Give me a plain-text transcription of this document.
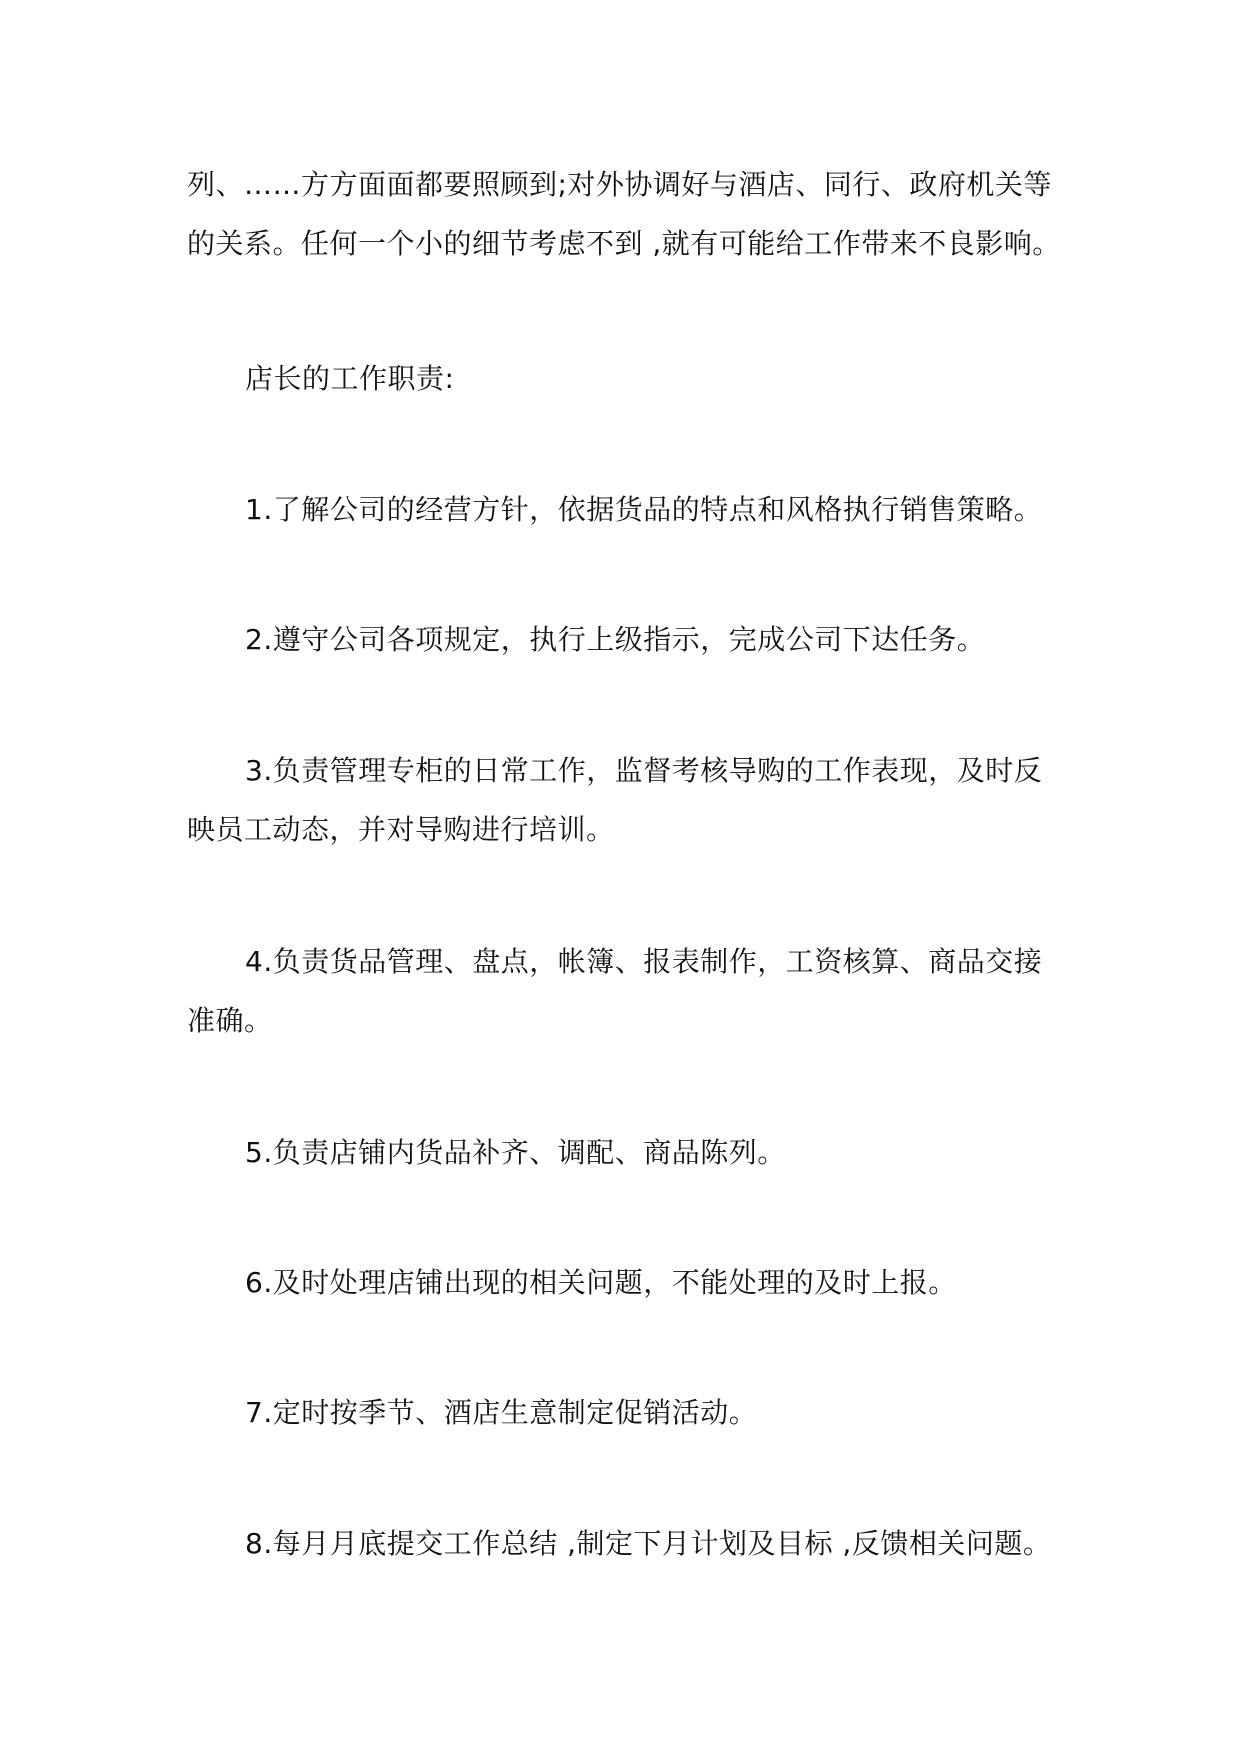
列、……方方面面都要照顾到;对外协调好与酒店、同行、政府机关等
的关系。任何一个小的细节考虑不到 ,就有可能给工作带来不良影响。
店长的工作职责:
1.了解公司的经营方针，依据货品的特点和风格执行销售策略。
2.遵守公司各项规定，执行上级指示，完成公司下达任务。
3.负责管理专柜的日常工作，监督考核导购的工作表现，及时反
映员工动态，并对导购进行培训。
4.负责货品管理、盘点，帐簿、报表制作，工资核算、商品交接
准确。
5.负责店铺内货品补齐、调配、商品陈列。
6.及时处理店铺出现的相关问题，不能处理的及时上报。
7.定时按季节、酒店生意制定促销活动。
8.每月月底提交工作总结 ,制定下月计划及目标 ,反馈相关问题。
